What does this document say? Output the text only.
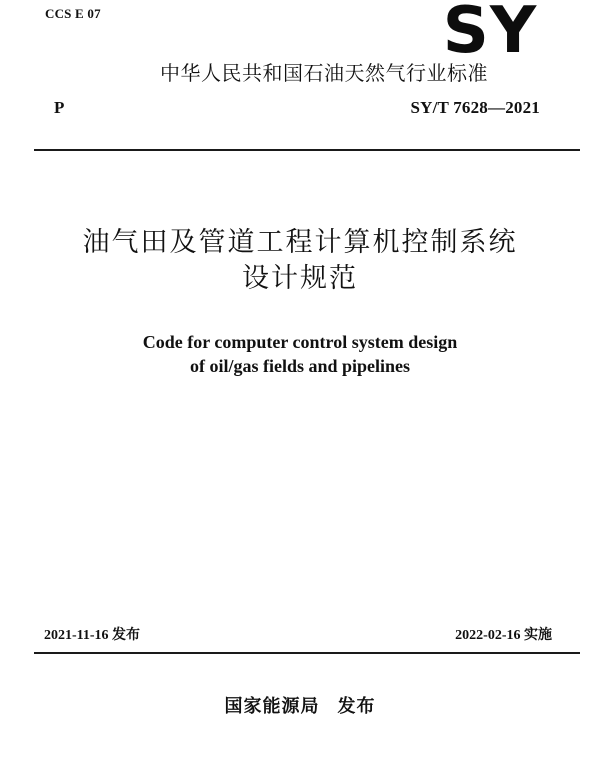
CCS E 07	SY
中华人民共和国石油天然气行业标准
P	SY/T 7628—2021
油气田及管道工程计算机控制系统
设计规范
Code for computer control system design
of oil/gas fields and pipelines
2021-11-16 发布	2022-02-16 实施
国家能源局 发布
